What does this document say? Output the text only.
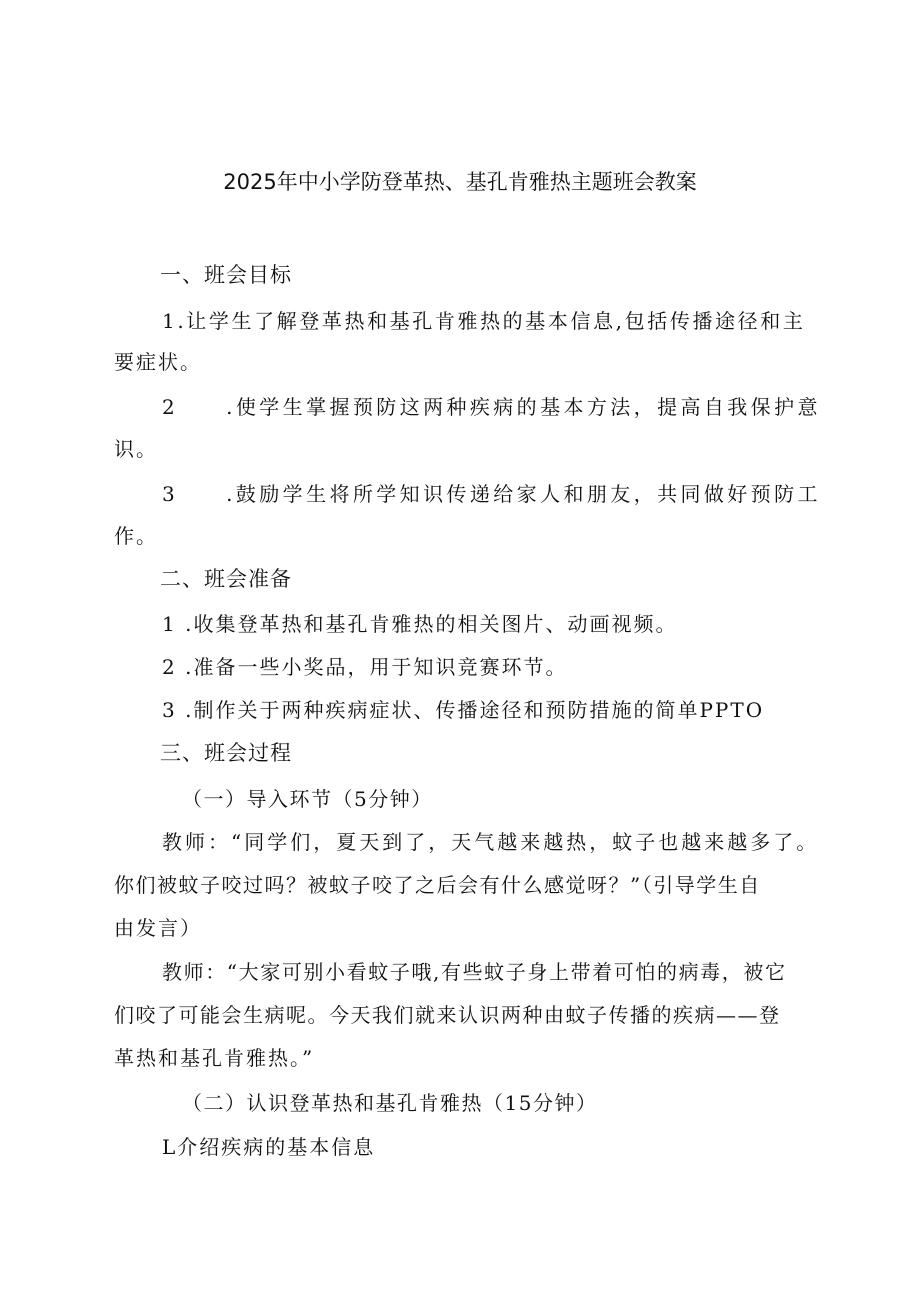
2025年中小学防登革热、基孔肯雅热主题班会教案
一、班会目标
1.让学生了解登革热和基孔肯雅热的基本信息,包括传播途径和主
要症状。
2 .使学生掌握预防这两种疾病的基本方法，提高自我保护意
识。
3 .鼓励学生将所学知识传递给家人和朋友，共同做好预防工
作。
二、班会准备
1 .收集登革热和基孔肯雅热的相关图片、动画视频。
2 .准备一些小奖品，用于知识竞赛环节。
3 .制作关于两种疾病症状、传播途径和预防措施的简单PPTO
三、班会过程
（一）导入环节（5分钟）
教师：“同学们，夏天到了，天气越来越热，蚊子也越来越多了。
你们被蚊子咬过吗？被蚊子咬了之后会有什么感觉呀？”（引导学生自
由发言）
教师：“大家可别小看蚊子哦,有些蚊子身上带着可怕的病毒，被它
们咬了可能会生病呢。今天我们就来认识两种由蚊子传播的疾病——登
革热和基孔肯雅热。”
（二）认识登革热和基孔肯雅热（15分钟）
L介绍疾病的基本信息
